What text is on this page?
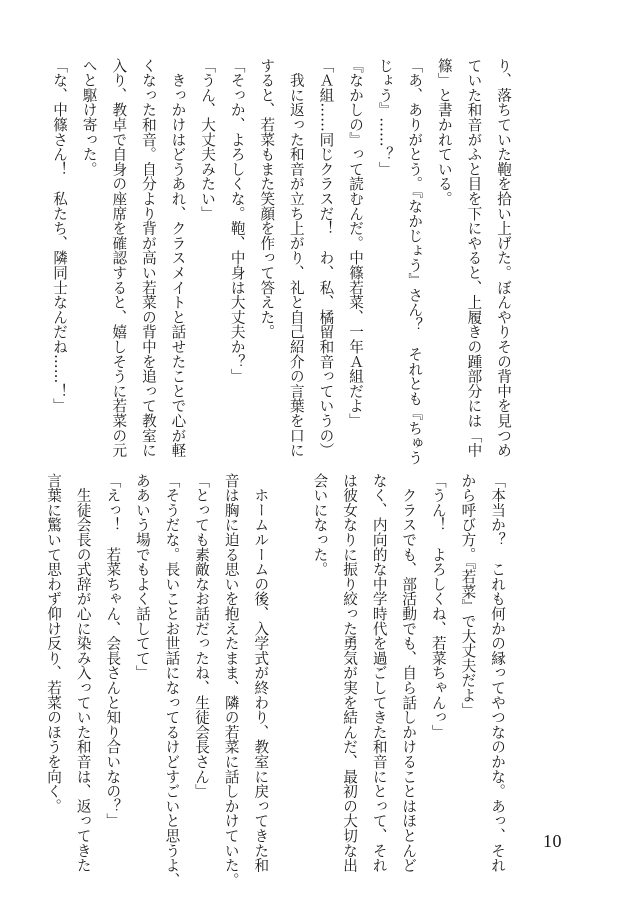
り、落ちていた鞄を拾い上げた。ぼんやりその背中を見つめ
ていた和音がふと目を下にやると、上履きの踵部分には「中
篠」と書かれている。
「あ、ありがとう。『なかじょう』さん？　それとも『ちゅう
じょう』……？」
『なかしの』って読むんだ。中篠若菜、一年Ａ組だよ」
「Ａ組……同じクラスだ！　わ、私、橘留和音っていうの）
　我に返った和音が立ち上がり、礼と自己紹介の言葉を口に
すると、若菜もまた笑顔を作って答えた。
「そっか、よろしくな。鞄、中身は大丈夫か？」
「うん、大丈夫みたい」
　きっかけはどうあれ、クラスメイトと話せたことで心が軽
くなった和音。自分より背が高い若菜の背中を追って教室に
入り、教卓で自身の座席を確認すると、嬉しそうに若菜の元
へと駆け寄った。
「な、中篠さん！　私たち、隣同士なんだね……！」
「本当か？　これも何かの縁ってやつなのかな。あっ、それ
から呼び方。『若菜』で大丈夫だよ」
「うん！　よろしくね、若菜ちゃんっ」
　クラスでも、部活動でも、自ら話しかけることはほとんど
なく、内向的な中学時代を過ごしてきた和音にとって、それ
は彼女なりに振り絞った勇気が実を結んだ、最初の大切な出
会いになった。
　ホームルームの後、入学式が終わり、教室に戻ってきた和
音は胸に迫る思いを抱えたまま、隣の若菜に話しかけていた。
「とっても素敵なお話だったね、生徒会長さん」
「そうだな。長いことお世話になってるけどすごいと思うよ、
ああいう場でもよく話してて」
「えっ！　若菜ちゃん、会長さんと知り合いなの？」
　生徒会長の式辞が心に染み入っていた和音は、返ってきた
言葉に驚いて思わず仰け反り、若菜のほうを向く。
10
